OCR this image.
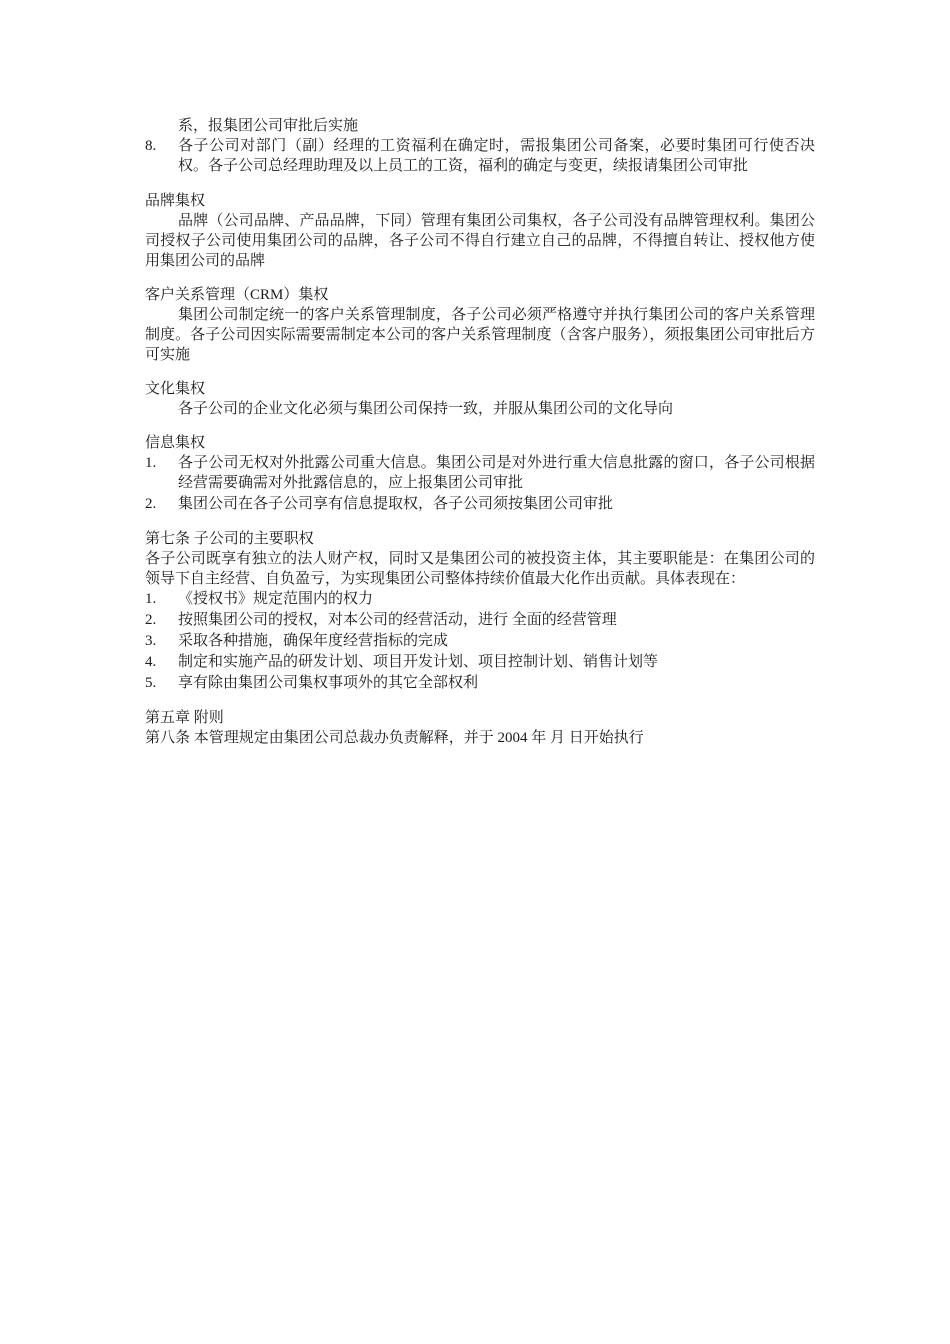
系，报集团公司审批后实施

8.	各子公司对部门（副）经理的工资福利在确定时，需报集团公司备案，必要时集团可行使否决权。各子公司总经理助理及以上员工的工资，福利的确定与变更，续报请集团公司审批

品牌集权

品牌（公司品牌、产品品牌，下同）管理有集团公司集权，各子公司没有品牌管理权利。集团公司授权子公司使用集团公司的品牌，各子公司不得自行建立自己的品牌，不得擅自转让、授权他方使用集团公司的品牌

客户关系管理（CRM）集权

集团公司制定统一的客户关系管理制度，各子公司必须严格遵守并执行集团公司的客户关系管理制度。各子公司因实际需要需制定本公司的客户关系管理制度（含客户服务），须报集团公司审批后方可实施

文化集权

各子公司的企业文化必须与集团公司保持一致，并服从集团公司的文化导向

信息集权

1.	各子公司无权对外批露公司重大信息。集团公司是对外进行重大信息批露的窗口，各子公司根据经营需要确需对外批露信息的，应上报集团公司审批
2.	集团公司在各子公司享有信息提取权，各子公司须按集团公司审批

第七条 子公司的主要职权

各子公司既享有独立的法人财产权，同时又是集团公司的被投资主体，其主要职能是：在集团公司的领导下自主经营、自负盈亏，为实现集团公司整体持续价值最大化作出贡献。具体表现在：

1.	《授权书》规定范围内的权力
2.	按照集团公司的授权，对本公司的经营活动，进行 全面的经营管理
3.	采取各种措施，确保年度经营指标的完成
4.	制定和实施产品的研发计划、项目开发计划、项目控制计划、销售计划等
5.	享有除由集团公司集权事项外的其它全部权利

第五章 附则

第八条 本管理规定由集团公司总裁办负责解释，并于 2004 年 月 日开始执行
